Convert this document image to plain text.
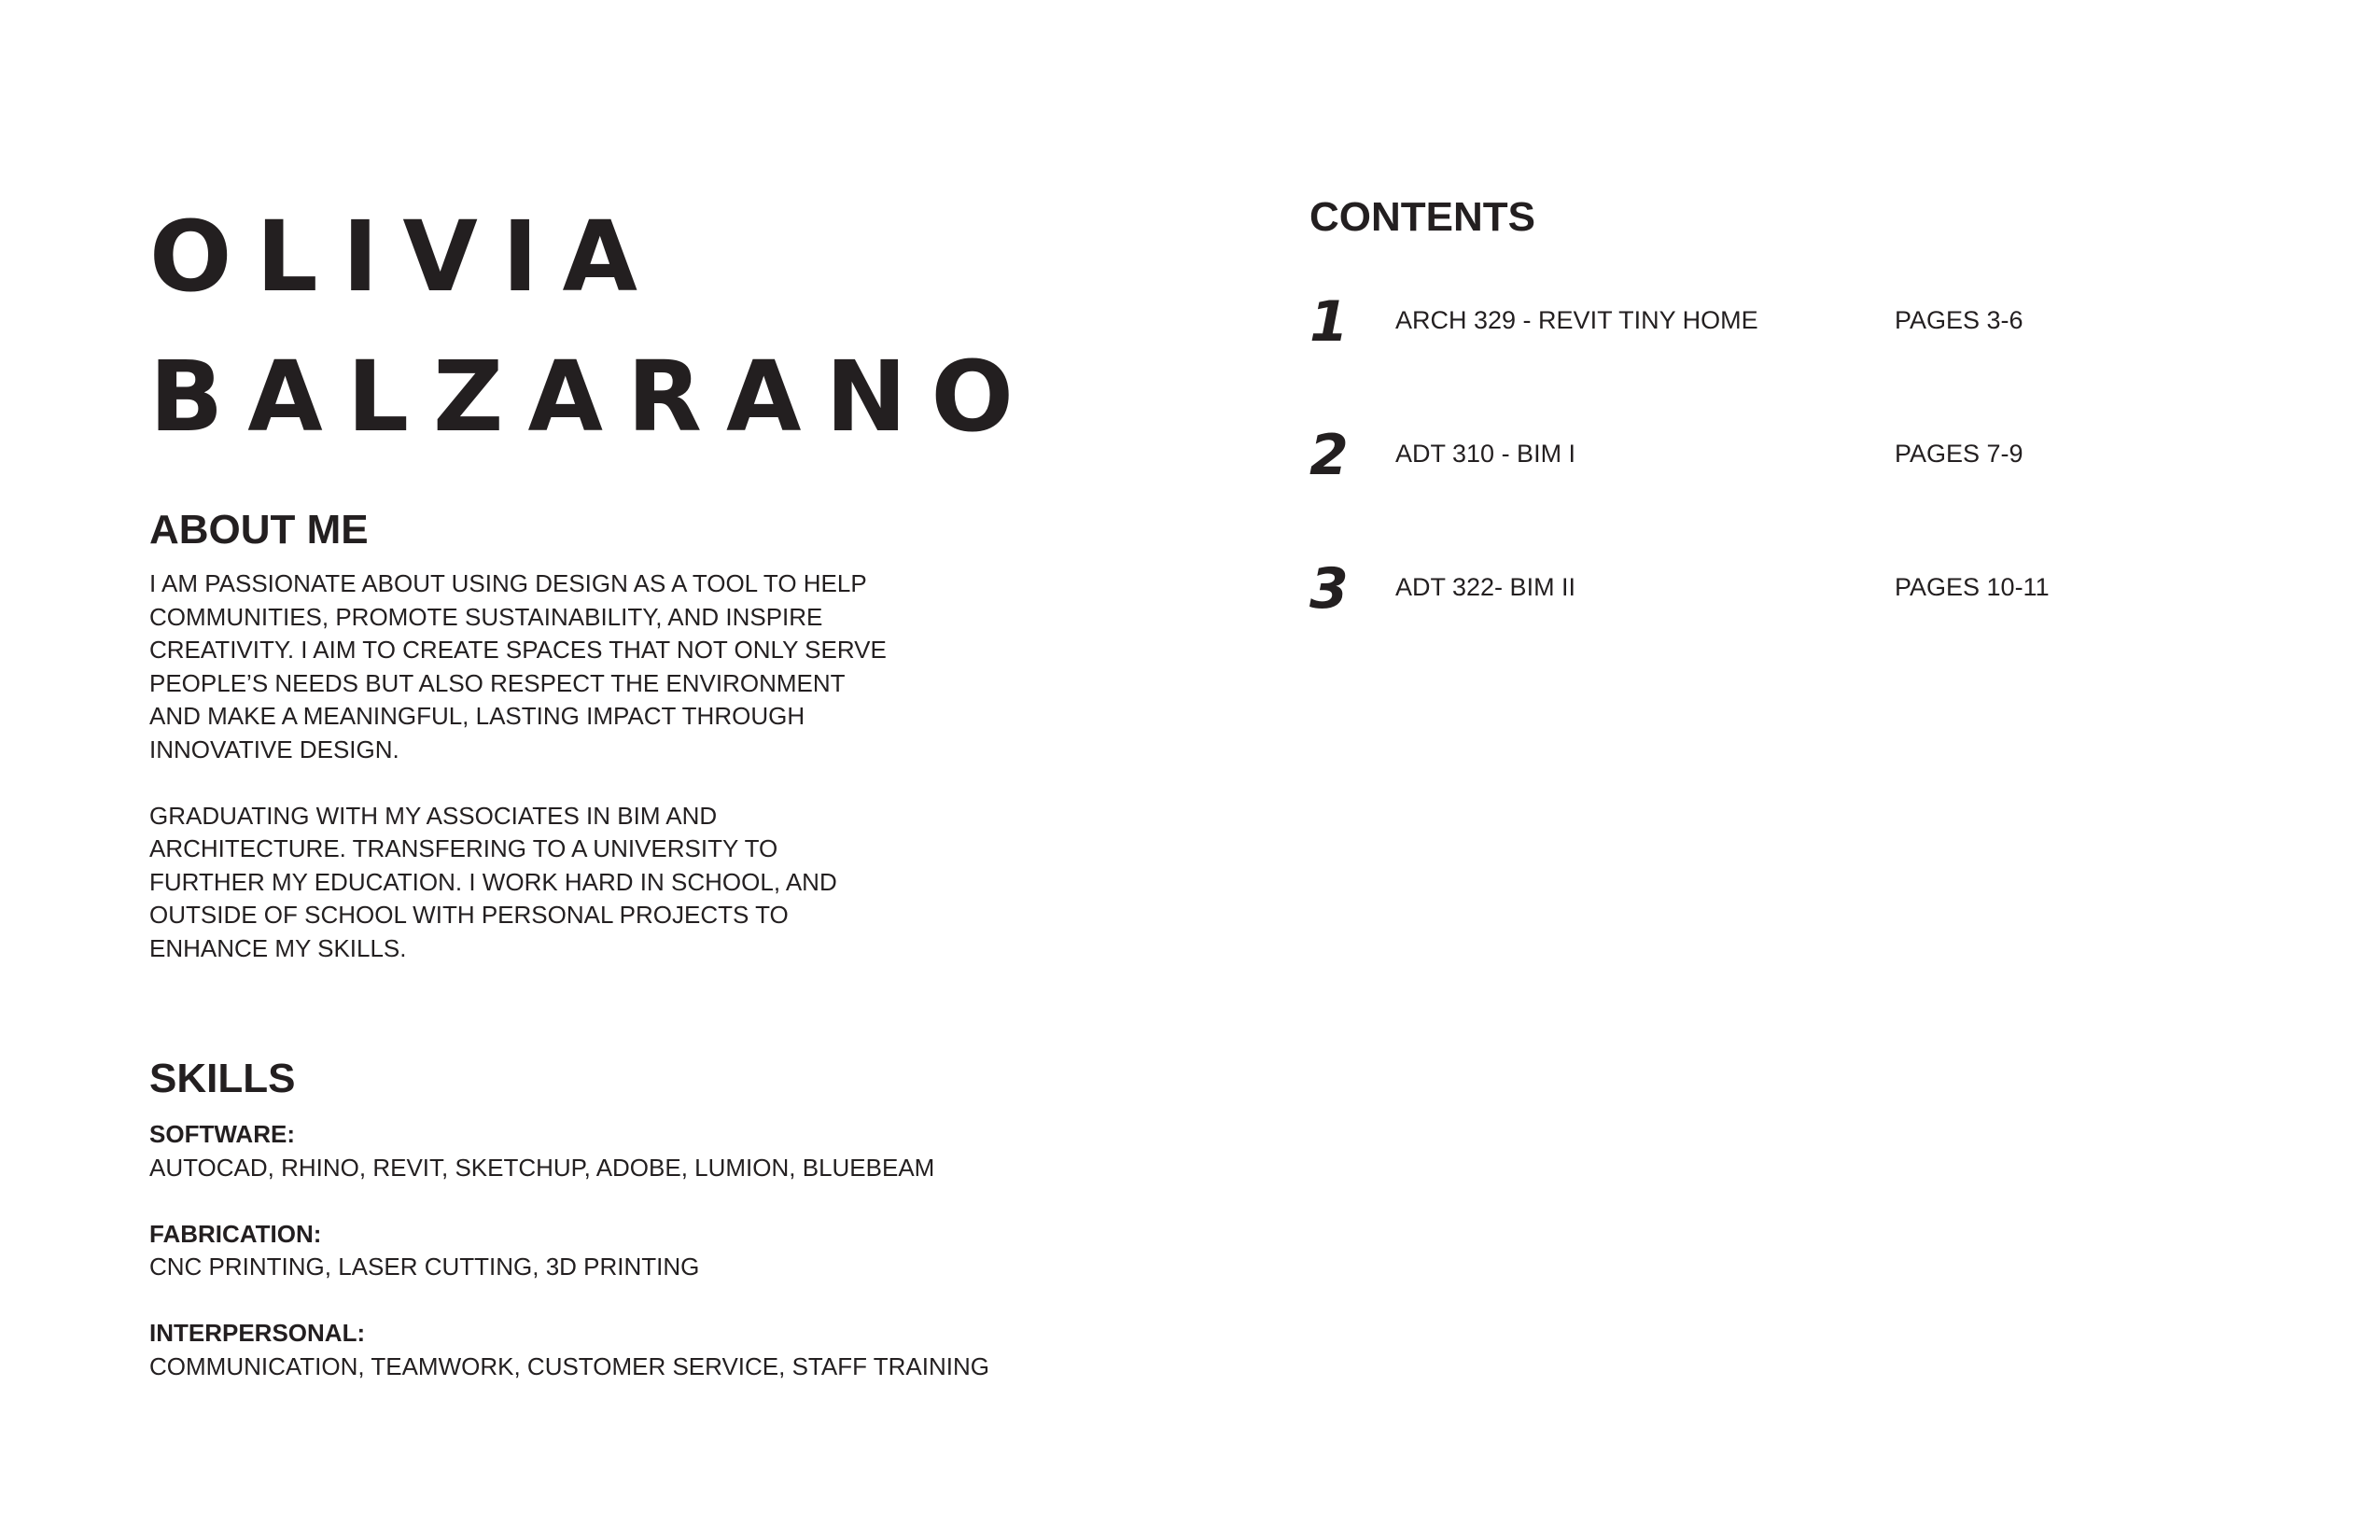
OLIVIA
BALZARANO
ABOUT ME

I AM PASSIONATE ABOUT USING DESIGN AS A TOOL TO HELP COMMUNITIES, PROMOTE SUSTAINABILITY, AND INSPIRE CREATIVITY. I AIM TO CREATE SPACES THAT NOT ONLY SERVE PEOPLE’S NEEDS BUT ALSO RESPECT THE ENVIRONMENT AND MAKE A MEANINGFUL, LASTING IMPACT THROUGH INNOVATIVE DESIGN.

GRADUATING WITH MY ASSOCIATES IN BIM AND ARCHITECTURE. TRANSFERING TO A UNIVERSITY TO FURTHER MY EDUCATION. I WORK HARD IN SCHOOL, AND OUTSIDE OF SCHOOL WITH PERSONAL PROJECTS TO ENHANCE MY SKILLS.

SKILLS
SOFTWARE:
AUTOCAD, RHINO, REVIT, SKETCHUP, ADOBE, LUMION, BLUEBEAM
FABRICATION:
CNC PRINTING, LASER CUTTING, 3D PRINTING
INTERPERSONAL:
COMMUNICATION, TEAMWORK, CUSTOMER SERVICE, STAFF TRAINING
CONTENTS
1 ARCH 329 - REVIT TINY HOME	PAGES 3-6
2 ADT 310 - BIM I	PAGES 7-9
3 ADT 322- BIM II	PAGES 10-11
